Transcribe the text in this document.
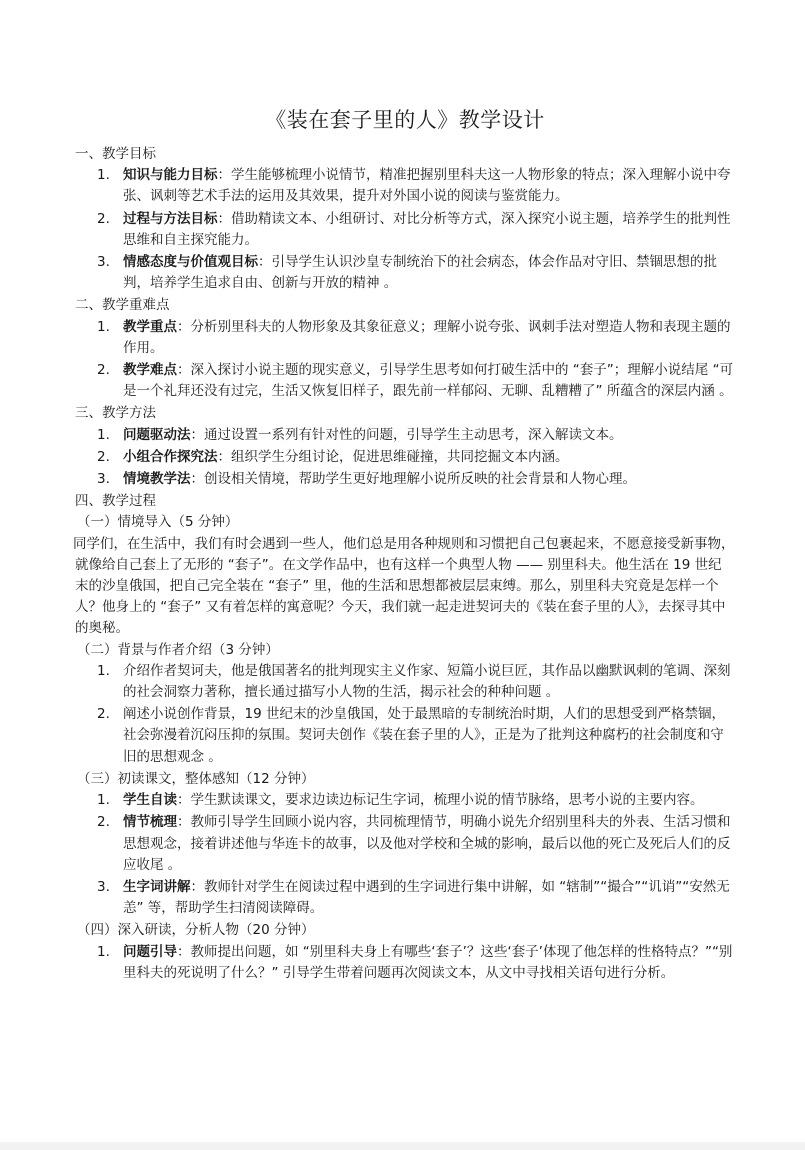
《装在套子里的人》教学设计

一、教学目标

1. 知识与能力目标：学生能够梳理小说情节，精准把握别里科夫这一人物形象的特点；深入理解小说中夸张、讽刺等艺术手法的运用及其效果，提升对外国小说的阅读与鉴赏能力。
2. 过程与方法目标：借助精读文本、小组研讨、对比分析等方式，深入探究小说主题，培养学生的批判性思维和自主探究能力。
3. 情感态度与价值观目标：引导学生认识沙皇专制统治下的社会病态，体会作品对守旧、禁锢思想的批判，培养学生追求自由、创新与开放的精神 。

二、教学重难点

1. 教学重点：分析别里科夫的人物形象及其象征意义；理解小说夸张、讽刺手法对塑造人物和表现主题的作用。
2. 教学难点：深入探讨小说主题的现实意义，引导学生思考如何打破生活中的 “套子”；理解小说结尾 “可是一个礼拜还没有过完，生活又恢复旧样子，跟先前一样郁闷、无聊、乱糟糟了” 所蕴含的深层内涵 。

三、教学方法

1. 问题驱动法：通过设置一系列有针对性的问题，引导学生主动思考，深入解读文本。
2. 小组合作探究法：组织学生分组讨论，促进思维碰撞，共同挖掘文本内涵。
3. 情境教学法：创设相关情境，帮助学生更好地理解小说所反映的社会背景和人物心理。

四、教学过程

（一）情境导入（5 分钟）

同学们，在生活中，我们有时会遇到一些人，他们总是用各种规则和习惯把自己包裹起来，不愿意接受新事物，就像给自己套上了无形的 “套子”。在文学作品中，也有这样一个典型人物 —— 别里科夫。他生活在 19 世纪末的沙皇俄国，把自己完全装在 “套子” 里，他的生活和思想都被层层束缚。那么，别里科夫究竟是怎样一个人？他身上的 “套子” 又有着怎样的寓意呢？今天，我们就一起走进契诃夫的《装在套子里的人》，去探寻其中的奥秘。

（二）背景与作者介绍（3 分钟）

1. 介绍作者契诃夫，他是俄国著名的批判现实主义作家、短篇小说巨匠，其作品以幽默讽刺的笔调、深刻的社会洞察力著称，擅长通过描写小人物的生活，揭示社会的种种问题 。
2. 阐述小说创作背景，19 世纪末的沙皇俄国，处于最黑暗的专制统治时期，人们的思想受到严格禁锢，社会弥漫着沉闷压抑的氛围。契诃夫创作《装在套子里的人》，正是为了批判这种腐朽的社会制度和守旧的思想观念 。

（三）初读课文，整体感知（12 分钟）

1. 学生自读：学生默读课文，要求边读边标记生字词，梳理小说的情节脉络，思考小说的主要内容。
2. 情节梳理：教师引导学生回顾小说内容，共同梳理情节，明确小说先介绍别里科夫的外表、生活习惯和思想观念，接着讲述他与华连卡的故事，以及他对学校和全城的影响，最后以他的死亡及死后人们的反应收尾 。
3. 生字词讲解：教师针对学生在阅读过程中遇到的生字词进行集中讲解，如 “辖制”“撮合”“讥诮”“安然无恙” 等，帮助学生扫清阅读障碍。

（四）深入研读，分析人物（20 分钟）

1. 问题引导：教师提出问题，如 “别里科夫身上有哪些‘套子’？这些‘套子’体现了他怎样的性格特点？”“别里科夫的死说明了什么？” 引导学生带着问题再次阅读文本，从文中寻找相关语句进行分析。
